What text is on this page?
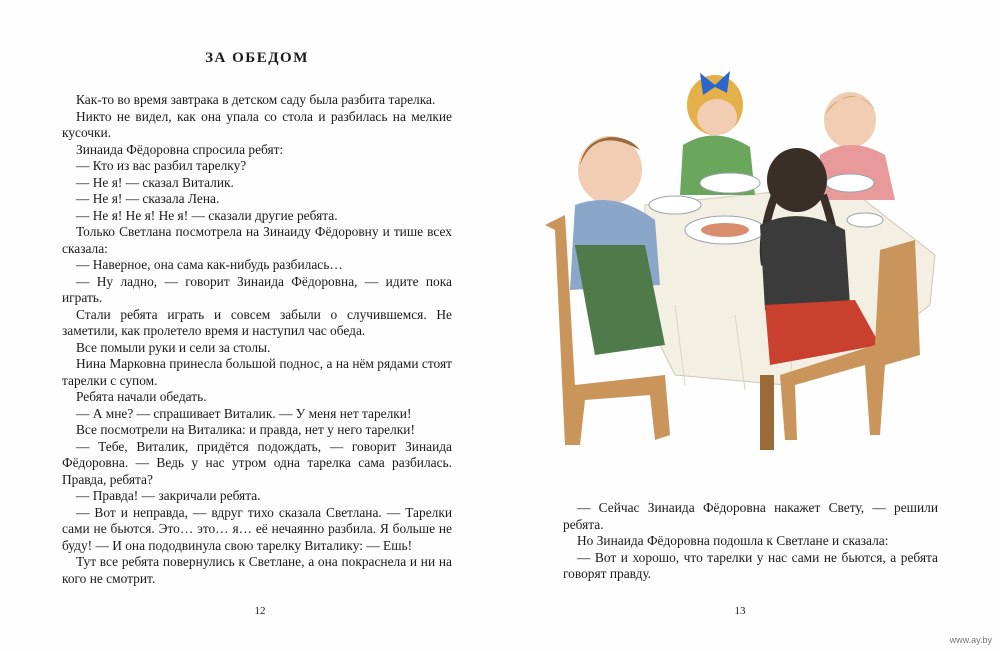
ЗА ОБЕДОМ

Как-то во время завтрака в детском саду была разбита тарелка.

Никто не видел, как она упала со стола и разбилась на мелкие кусочки.

Зинаида Фёдоровна спросила ребят:

— Кто из вас разбил тарелку?

— Не я! — сказал Виталик.

— Не я! — сказала Лена.

— Не я! Не я! Не я! — сказали другие ребята.

Только Светлана посмотрела на Зинаиду Фёдоровну и тише всех сказала:

— Наверное, она сама как-нибудь разбилась…

— Ну ладно, — говорит Зинаида Фёдоровна, — идите пока играть.

Стали ребята играть и совсем забыли о случившемся. Не заметили, как пролетело время и наступил час обеда.

Все помыли руки и сели за столы.

Нина Марковна принесла большой поднос, а на нём рядами стоят тарелки с супом.

Ребята начали обедать.

— А мне? — спрашивает Виталик. — У меня нет тарелки!

Все посмотрели на Виталика: и правда, нет у него тарелки!

— Тебе, Виталик, придётся подождать, — говорит Зинаида Фёдоровна. — Ведь у нас утром одна тарелка сама разбилась. Правда, ребята?

— Правда! — закричали ребята.

— Вот и неправда, — вдруг тихо сказала Светлана. — Тарелки сами не бьются. Это… это… я… её нечаянно разбила. Я больше не буду! — И она пододвинула свою тарелку Виталику: — Ешь!

Тут все ребята повернулись к Светлане, а она покраснела и ни на кого не смотрит.

12

— Сейчас Зинаида Фёдоровна накажет Свету, — решили ребята.

Но Зинаида Фёдоровна подошла к Светлане и сказала:

— Вот и хорошо, что тарелки у нас сами не бьются, а ребята говорят правду.

13
www.ay.by
